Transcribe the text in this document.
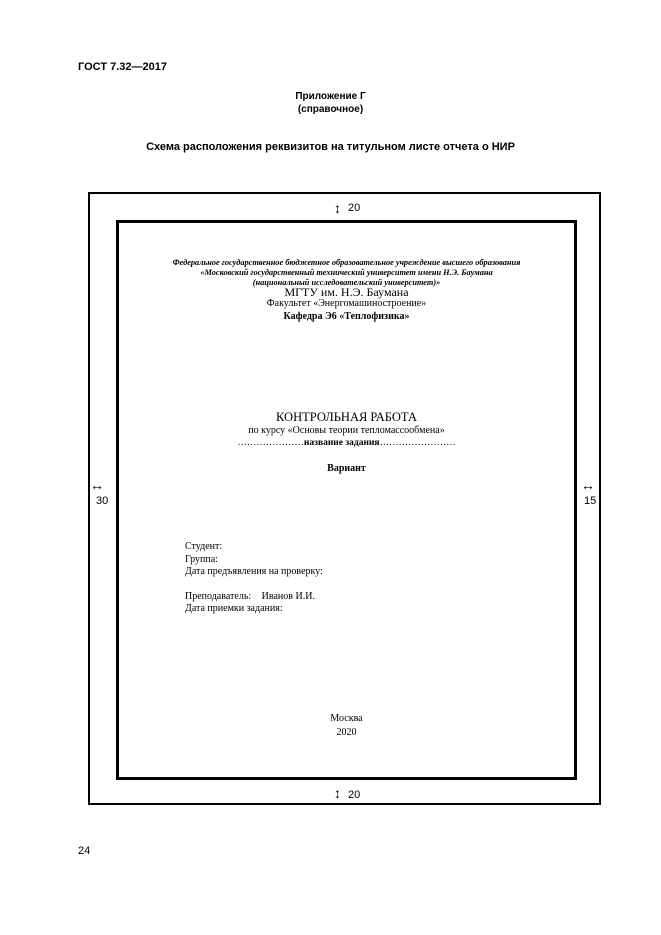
ГОСТ 7.32—2017
Приложение Г
(справочное)
Схема расположения реквизитов на титульном листе отчета о НИР
↕ 20
↕ 20
↔
30
↔
15
Федеральное государственное бюджетное образовательное учреждение высшего образования
«Московский государственный технический университет имени Н.Э. Баумана
(национальный исследовательский университет)»
МГТУ им. Н.Э. Баумана
Факультет «Энергомашиностроение»
Кафедра Э6 «Теплофизика»
КОНТРОЛЬНАЯ РАБОТА
по курсу «Основы теории тепломассообмена»
…………………название задания……………………
Вариант
Студент:
Группа:
Дата предъявления на проверку:
Преподаватель: Иванов И.И.
Дата приемки задания:
Москва
2020
24
